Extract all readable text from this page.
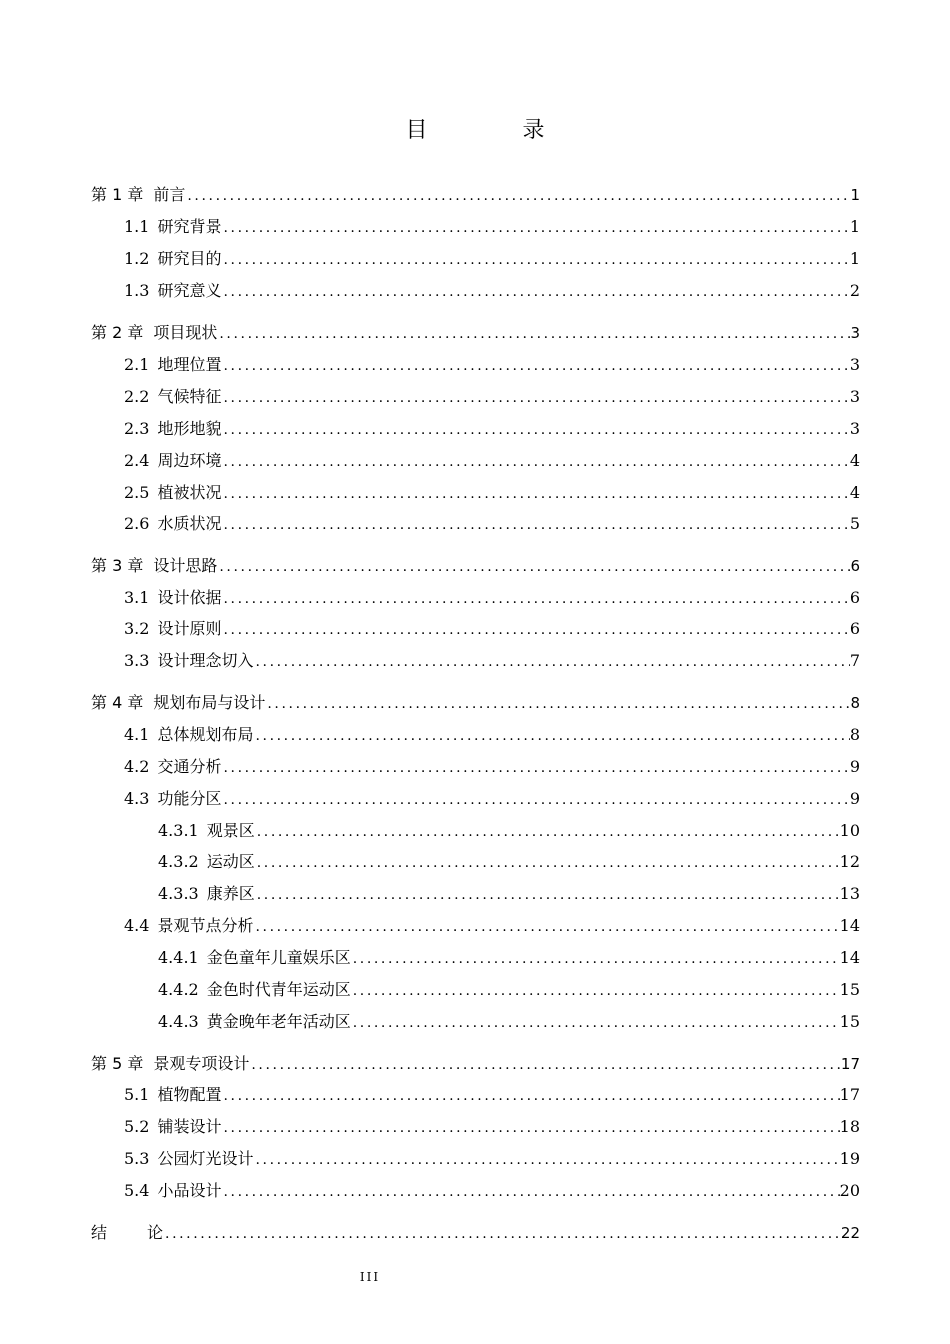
目 录
第 1 章 前言 .....	1
1.1 研究背景 .....	1
1.2 研究目的 .....	1
1.3 研究意义 .....	2
第 2 章 项目现状 .....	3
2.1 地理位置 .....	3
2.2 气候特征 .....	3
2.3 地形地貌 .....	3
2.4 周边环境 .....	4
2.5 植被状况 .....	4
2.6 水质状况 .....	5
第 3 章 设计思路 .....	6
3.1 设计依据 .....	6
3.2 设计原则 .....	6
3.3 设计理念切入 .....	7
第 4 章 规划布局与设计 .....	8
4.1 总体规划布局 .....	8
4.2 交通分析 .....	9
4.3 功能分区 .....	9
4.3.1 观景区 .....	10
4.3.2 运动区 .....	12
4.3.3 康养区 .....	13
4.4 景观节点分析 .....	14
4.4.1 金色童年儿童娱乐区 .....	14
4.4.2 金色时代青年运动区 .....	15
4.4.3 黄金晚年老年活动区 .....	15
第 5 章 景观专项设计 .....	17
5.1 植物配置 .....	17
5.2 铺装设计 .....	18
5.3 公园灯光设计 .....	19
5.4 小品设计 .....	20
结	论 .....	22
III
